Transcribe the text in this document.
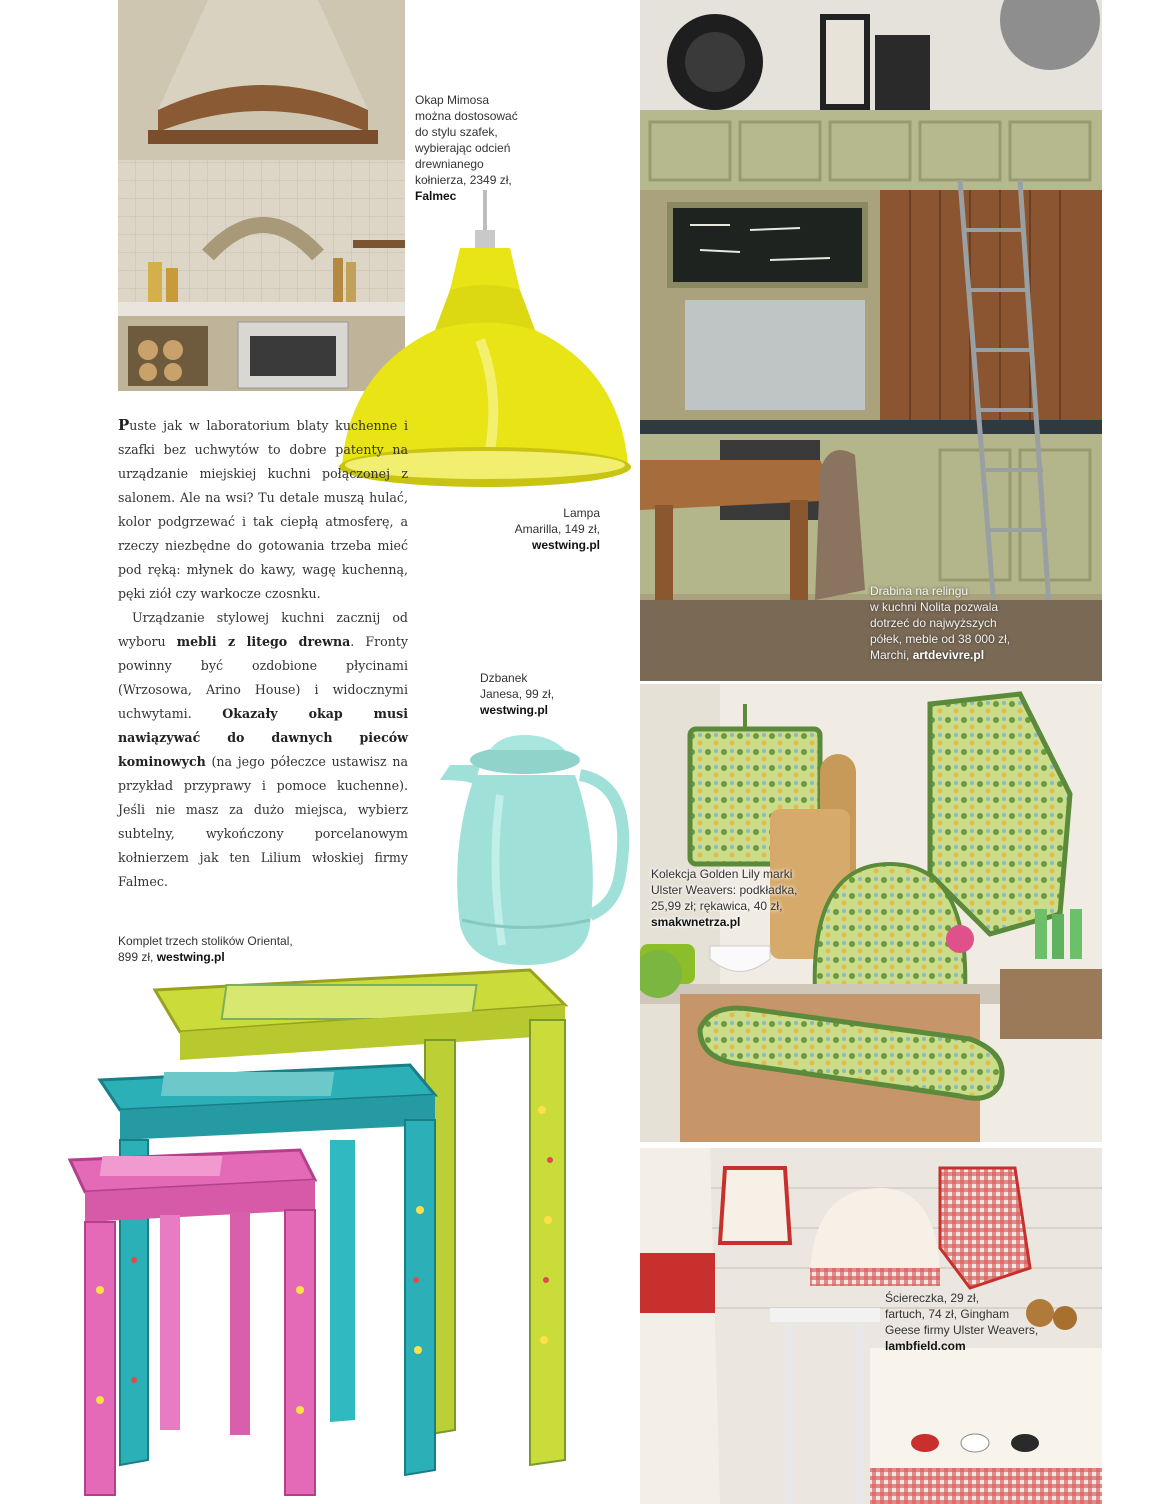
Okap Mimosa
można dostosować
do stylu szafek,
wybierając odcień
drewnianego
kołnierza, 2349 zł,
Falmec
Lampa
Amarilla, 149 zł,
westwing.pl

Puste jak w laboratorium blaty kuchenne i szafki bez uchwytów to dobre patenty na urządzanie miejskiej kuchni połączonej z salonem. Ale na wsi? Tu detale muszą hulać, kolor podgrzewać i tak ciepłą atmosferę, a rzeczy niezbędne do gotowania trzeba mieć pod ręką: młynek do kawy, wagę kuchenną, pęki ziół czy warkocze czosnku.

Urządzanie stylowej kuchni zacznij od wyboru mebli z litego drewna. Fronty powinny być ozdobione płycinami (Wrzosowa, Arino House) i widocznymi uchwytami. Okazały okap musi nawiązywać do dawnych pieców kominowych (na jego półeczce ustawisz na przykład przyprawy i pomoce kuchenne). Jeśli nie masz za dużo miejsca, wybierz subtelny, wykończony porcelanowym kołnierzem jak ten Lilium włoskiej firmy Falmec.

Dzbanek
Janesa, 99 zł,
westwing.pl
Komplet trzech stolików Oriental,
899 zł, westwing.pl
Drabina na relingu
w kuchni Nolita pozwala
dotrzeć do najwyższych
półek, meble od 38 000 zł,
Marchi, artdevivre.pl
Kolekcja Golden Lily marki
Ulster Weavers: podkładka,
25,99 zł; rękawica, 40 zł,
smakwnetrza.pl
Ściereczka, 29 zł,
fartuch, 74 zł, Gingham
Geese firmy Ulster Weavers,
lambfield.com
